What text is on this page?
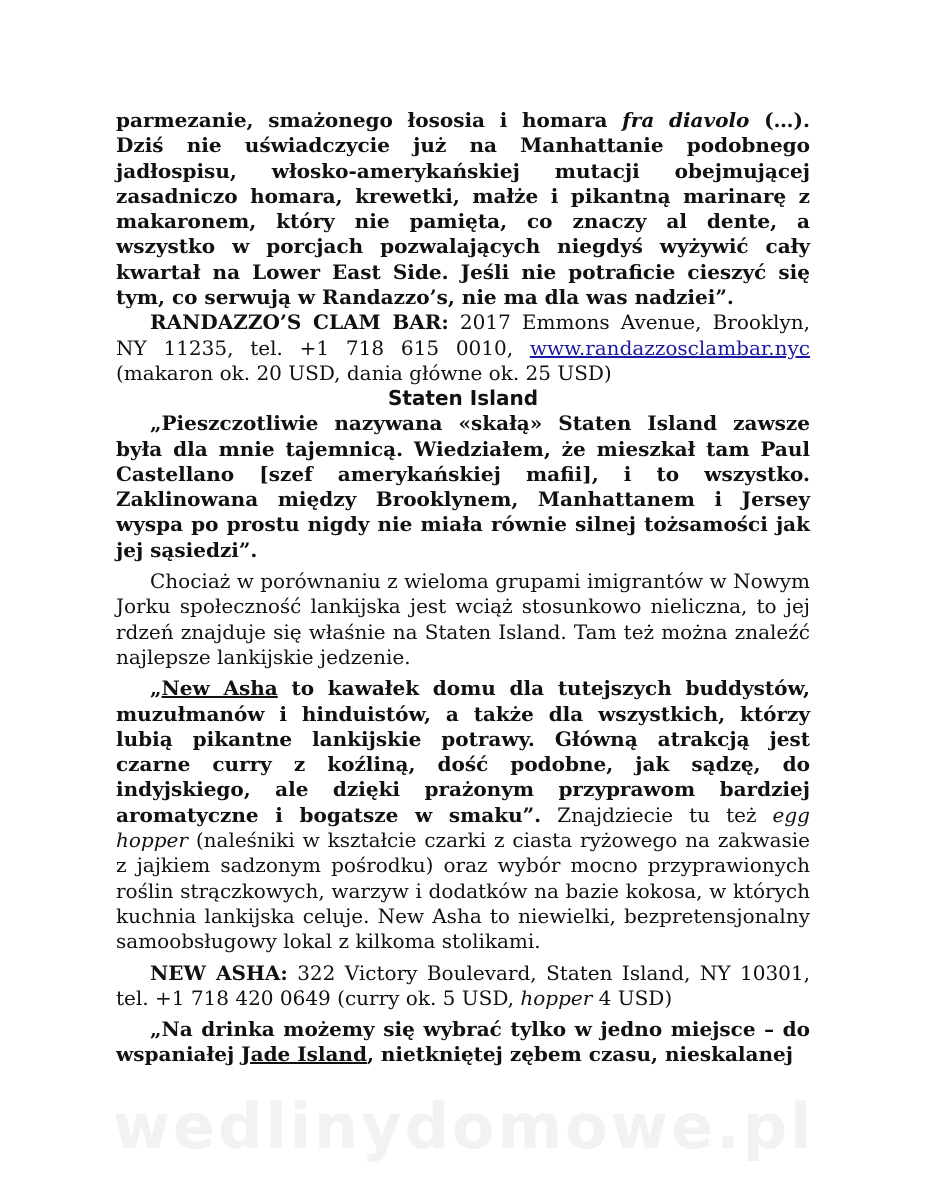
parmezanie, smażonego łososia i homara fra diavolo (…). Dziś nie uświadczycie już na Manhattanie podobnego jadłospisu, włosko-amerykańskiej mutacji obejmującej zasadniczo homara, krewetki, małże i pikantną marinarę z makaronem, który nie pamięta, co znaczy al dente, a wszystko w porcjach pozwalających niegdyś wyżywić cały kwartał na Lower East Side. Jeśli nie potraficie cieszyć się tym, co serwują w Randazzo’s, nie ma dla was nadziei”.

RANDAZZO’S CLAM BAR: 2017 Emmons Avenue, Brooklyn, NY 11235, tel. +1 718 615 0010, www.randazzosclambar.nyc (makaron ok. 20 USD, dania główne ok. 25 USD)

Staten Island

„Pieszczotliwie nazywana «skałą» Staten Island zawsze była dla mnie tajemnicą. Wiedziałem, że mieszkał tam Paul Castellano [szef amerykańskiej mafii], i to wszystko. Zaklinowana między Brooklynem, Manhattanem i Jersey wyspa po prostu nigdy nie miała równie silnej tożsamości jak jej sąsiedzi”.

Chociaż w porównaniu z wieloma grupami imigrantów w Nowym Jorku społeczność lankijska jest wciąż stosunkowo nieliczna, to jej rdzeń znajduje się właśnie na Staten Island. Tam też można znaleźć najlepsze lankijskie jedzenie.

„New Asha to kawałek domu dla tutejszych buddystów, muzułmanów i hinduistów, a także dla wszystkich, którzy lubią pikantne lankijskie potrawy. Główną atrakcją jest czarne curry z koźliną, dość podobne, jak sądzę, do indyjskiego, ale dzięki prażonym przyprawom bardziej aromatyczne i bogatsze w smaku”. Znajdziecie tu też egg hopper (naleśniki w kształcie czarki z ciasta ryżowego na zakwasie z jajkiem sadzonym pośrodku) oraz wybór mocno przyprawionych roślin strączkowych, warzyw i dodatków na bazie kokosa, w których kuchnia lankijska celuje. New Asha to niewielki, bezpretensjonalny samoobsługowy lokal z kilkoma stolikami.

NEW ASHA: 322 Victory Boulevard, Staten Island, NY 10301, tel. +1 718 420 0649 (curry ok. 5 USD, hopper 4 USD)

„Na drinka możemy się wybrać tylko w jedno miejsce – do wspaniałej Jade Island, nietkniętej zębem czasu, nieskalanej

wedlinydomowe.pl
